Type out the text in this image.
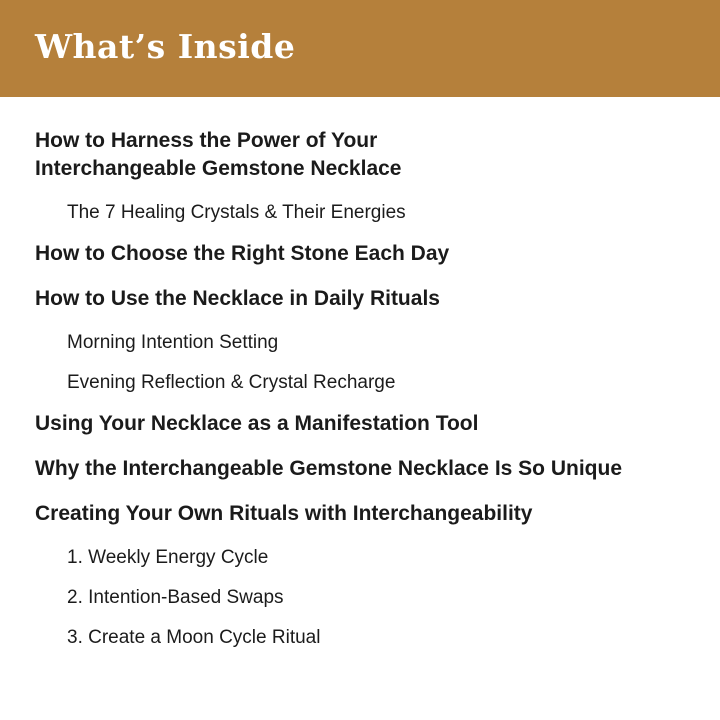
What’s Inside
How to Harness the Power of Your
Interchangeable Gemstone Necklace
The 7 Healing Crystals & Their Energies
How to Choose the Right Stone Each Day
How to Use the Necklace in Daily Rituals
Morning Intention Setting
Evening Reflection & Crystal Recharge
Using Your Necklace as a Manifestation Tool
Why the Interchangeable Gemstone Necklace Is So Unique
Creating Your Own Rituals with Interchangeability
1. Weekly Energy Cycle
2. Intention-Based Swaps
3. Create a Moon Cycle Ritual
